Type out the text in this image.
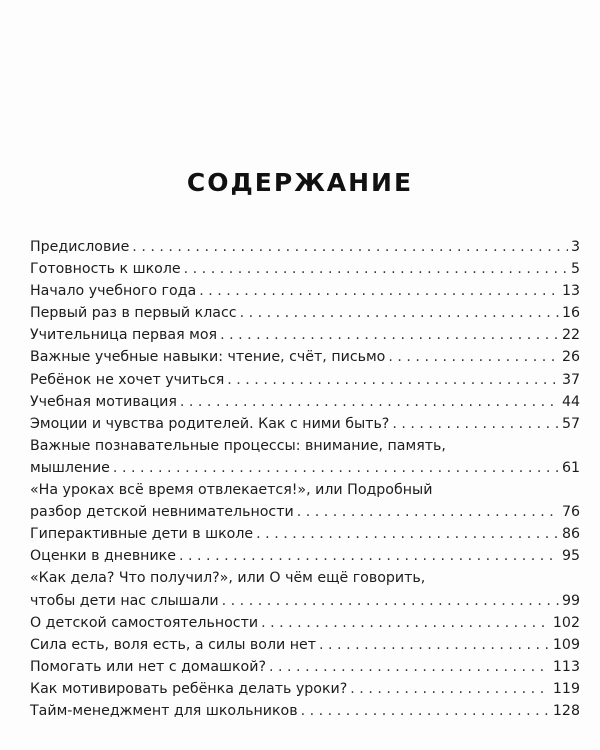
СОДЕРЖАНИЕ
Предисловие . . .	3
Готовность к школе . . .	5
Начало учебного года . . .	13
Первый раз в первый класс . . .	16
Учительница первая моя . . .	22
Важные учебные навыки: чтение, счёт, письмо . . .	26
Ребёнок не хочет учиться . . .	37
Учебная мотивация . . .	44
Эмоции и чувства родителей. Как с ними быть? . . .	57
Важные познавательные процессы: внимание, память,
мышление . . .	61
«На уроках всё время отвлекается!», или Подробный
разбор детской невнимательности . . .	76
Гиперактивные дети в школе . . .	86
Оценки в дневнике . . .	95
«Как дела? Что получил?», или О чём ещё говорить,
чтобы дети нас слышали . . .	99
О детской самостоятельности . . .	102
Сила есть, воля есть, а силы воли нет . . .	109
Помогать или нет с домашкой? . . .	113
Как мотивировать ребёнка делать уроки? . . .	119
Тайм-менеджмент для школьников . . .	128
